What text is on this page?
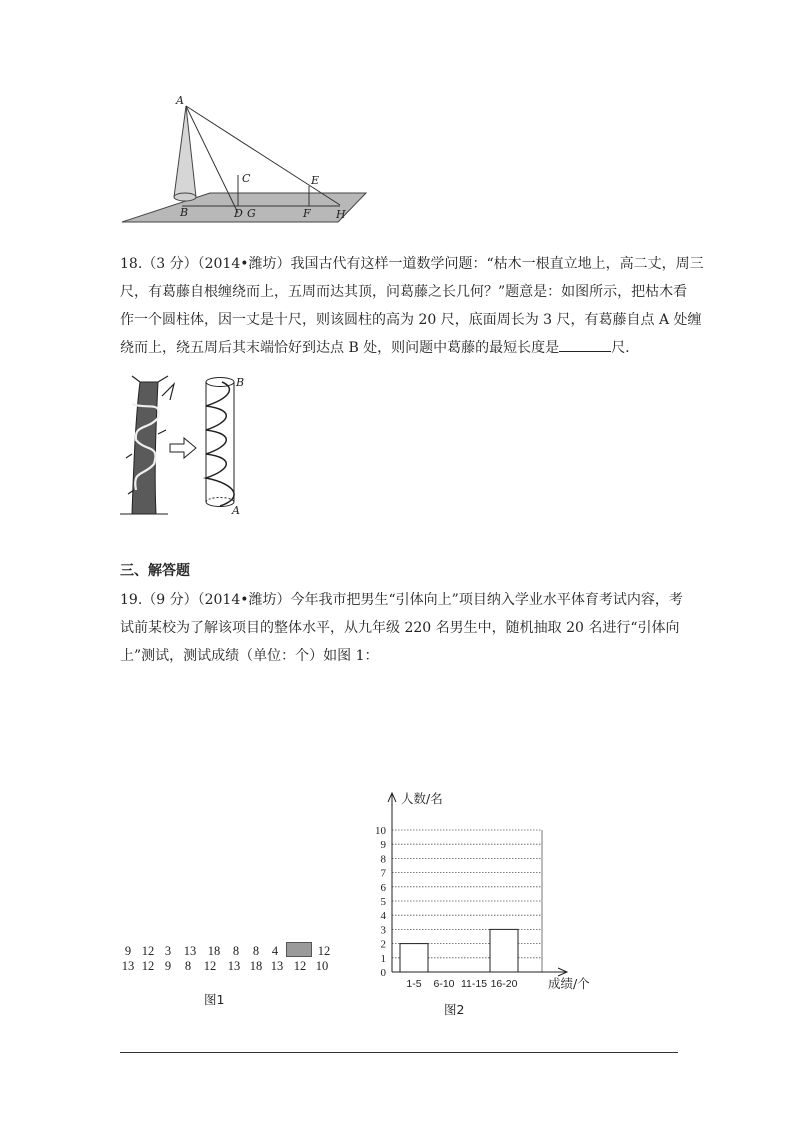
A
B
C
D G
E
F H
18.（3 分）（2014•潍坊）我国古代有这样一道数学问题：“枯木一根直立地上，高二丈，周三
尺，有葛藤自根缠绕而上，五周而达其顶，问葛藤之长几何？”题意是：如图所示，把枯木看
作一个圆柱体，因一丈是十尺，则该圆柱的高为 20 尺，底面周长为 3 尺，有葛藤自点 A 处缠
绕而上，绕五周后其末端恰好到达点 B 处，则问题中葛藤的最短长度是	尺.
B
A
三、解答题
19.（9 分）（2014•潍坊）今年我市把男生“引体向上”项目纳入学业水平体育考试内容，考
试前某校为了解该项目的整体水平，从九年级 220 名男生中，随机抽取 20 名进行“引体向
上”测试，测试成绩（单位：个）如图 1：
9 12 3 13 18 8 8 4	12
13 12 9 8 12 13 18 13 12 10
图1
0
1
2
3
4
5
6
7
8
9
10
1-5 6-10 11-15 16-20
人数/名
成绩/个
图2
